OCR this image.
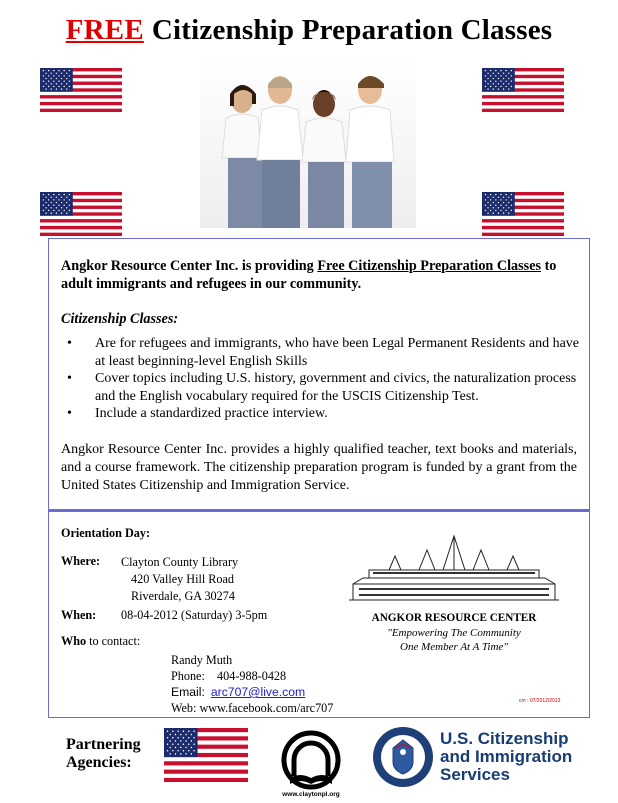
FREE Citizenship Preparation Classes
Angkor Resource Center Inc. is providing Free Citizenship Preparation Classes to adult immigrants and refugees in our community.
Citizenship Classes:
• Are for refugees and immigrants, who have been Legal Permanent Residents and have at least beginning-level English Skills
• Cover topics including U.S. history, government and civics, the naturalization process and the English vocabulary required for the USCIS Citizenship Test.
• Include a standardized practice interview.
Angkor Resource Center Inc. provides a highly qualified teacher, text books and materials, and a course framework. The citizenship preparation program is funded by a grant from the United States Citizenship and Immigration Service.
Orientation Day:
Where: Clayton County Library
420 Valley Hill Road
Riverdale, GA 30274
When: 08-04-2012 (Saturday) 3-5pm
Who to contact:
Randy Muth
Phone: 404-988-0428
Email: arc707@live.com
Web: www.facebook.com/arc707
ANGKOR RESOURCE CENTER
"Empowering The Community
One Member At A Time"
cm : 07/2012/2013
Partnering
Agencies:
www.claytonpl.org
U.S. Citizenship
and Immigration
Services
